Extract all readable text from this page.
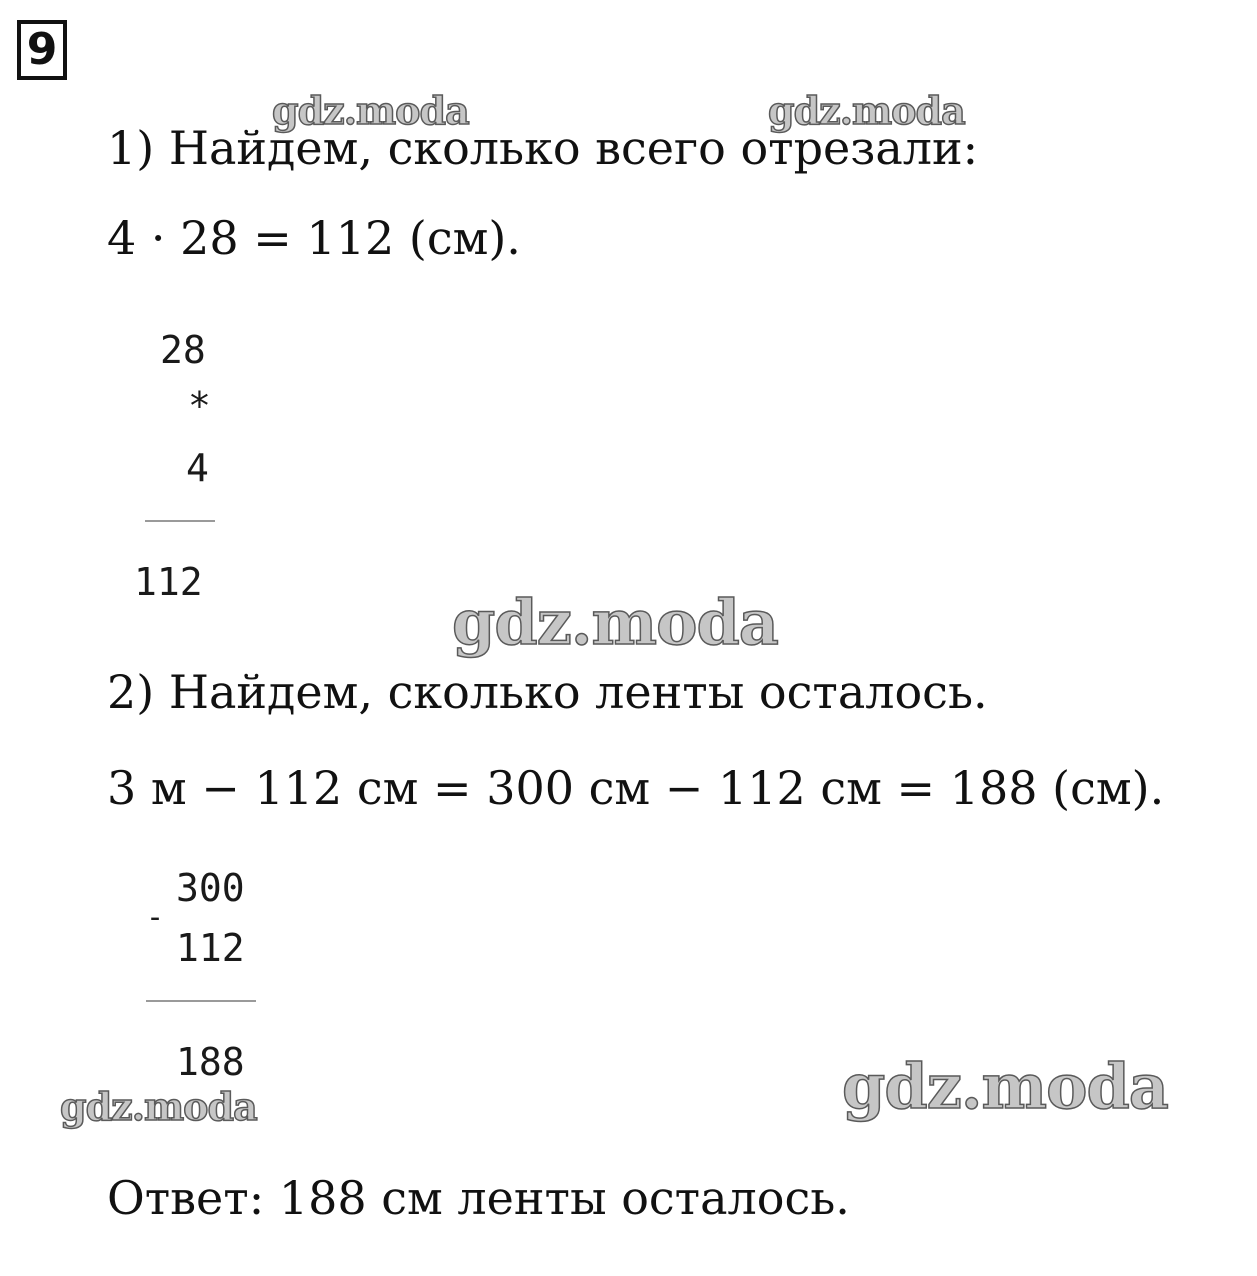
9
gdz.moda	gdz.moda
1) Найдем, сколько всего отрезали:
4 · 28 = 112 (см).
28
*
4
112
gdz.moda
2) Найдем, сколько ленты осталось.
3 м − 112 см = 300 см − 112 см = 188 (см).
300
-
112
188
gdz.moda	gdz.moda
Ответ: 188 см ленты осталось.
